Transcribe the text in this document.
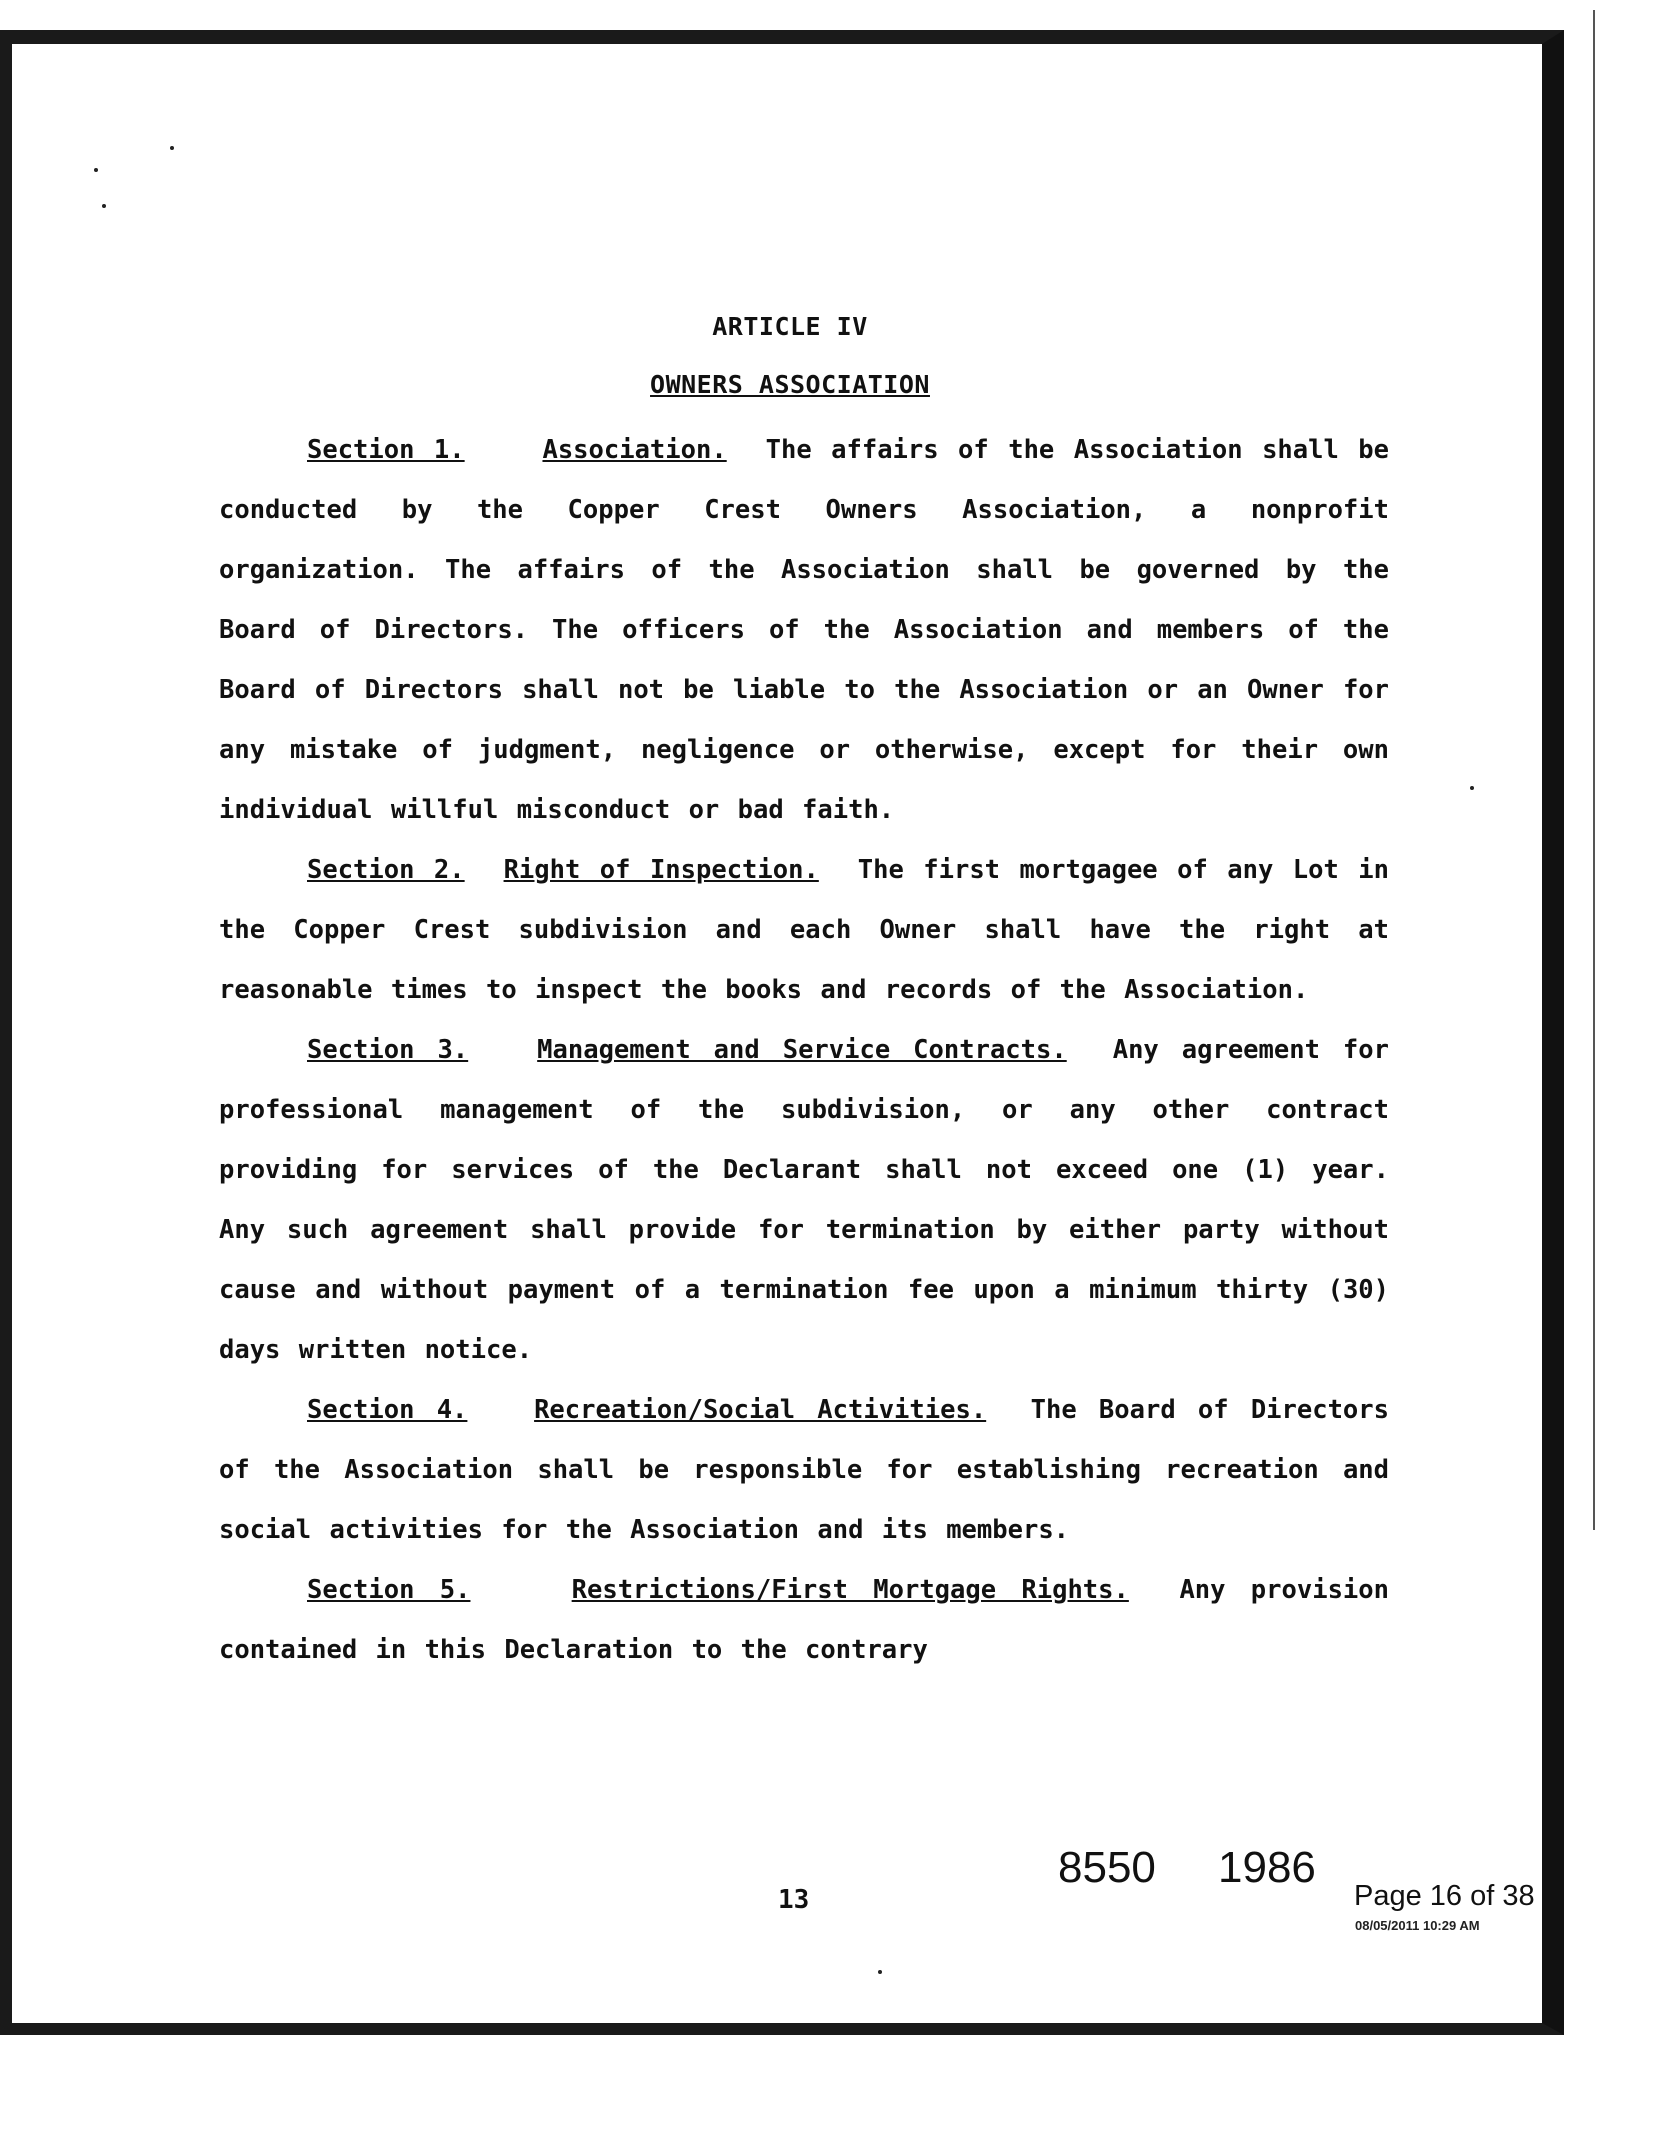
ARTICLE IV
OWNERS ASSOCIATION

Section 1.	Association. The affairs of the Association shall be conducted by the Copper Crest Owners Association, a nonprofit organization. The affairs of the Association shall be governed by the Board of Directors. The officers of the Association and members of the Board of Directors shall not be liable to the Association or an Owner for any mistake of judgment, negligence or otherwise, except for their own individual willful misconduct or bad faith.

Section 2. Right of Inspection. The first mortgagee of any Lot in the Copper Crest subdivision and each Owner shall have the right at reasonable times to inspect the books and records of the Association.

Section 3.	Management and Service Contracts. Any agreement for professional management of the subdivision, or any other contract providing for services of the Declarant shall not exceed one (1) year. Any such agreement shall provide for termination by either party without cause and without payment of a termination fee upon a minimum thirty (30) days written notice.

Section 4.	Recreation/Social Activities. The Board of Directors of the Association shall be responsible for establishing recreation and social activities for the Association and its members.

Section 5.	Restrictions/First Mortgage Rights. Any provision contained in this Declaration to the contrary

13
8550 1986
Page 16 of 38
08/05/2011 10:29 AM
